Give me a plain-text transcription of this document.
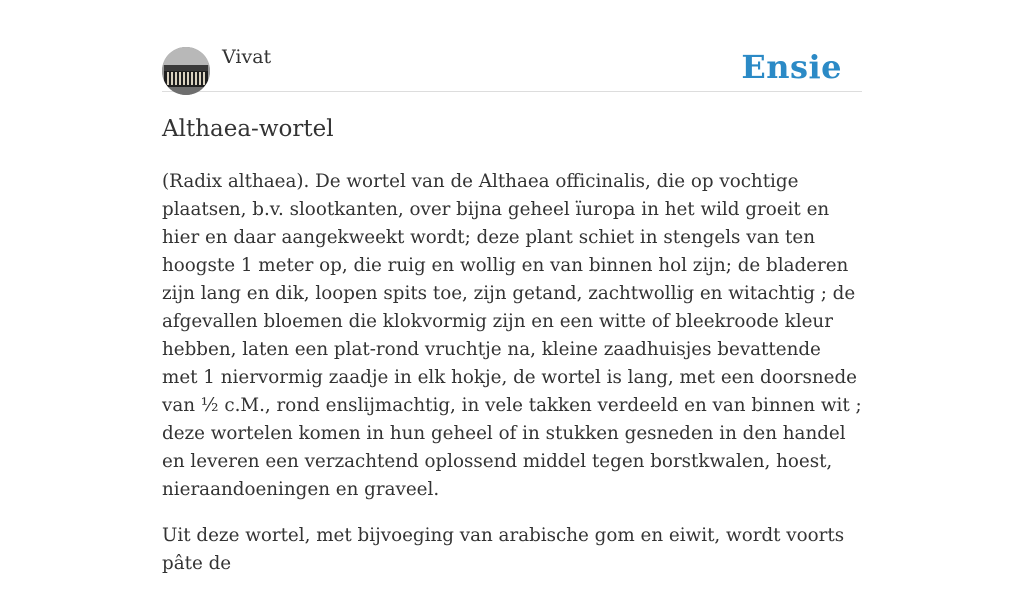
Vivat	Ensie
Althaea-wortel

(Radix althaea). De wortel van de Althaea officinalis, die op vochtige plaatsen, b.v. slootkanten, over bijna geheel ïuropa in het wild groeit en hier en daar aangekweekt wordt; deze plant schiet in stengels van ten hoogste 1 meter op, die ruig en wollig en van binnen hol zijn; de bladeren zijn lang en dik, loopen spits toe, zijn getand, zachtwollig en witachtig ; de afgevallen bloemen die klokvormig zijn en een witte of bleekroode kleur hebben, laten een plat-rond vruchtje na, kleine zaadhuisjes bevattende met 1 niervormig zaadje in elk hokje, de wortel is lang, met een doorsnede van ½ c.M., rond enslijmachtig, in vele takken verdeeld en van binnen wit ; deze wortelen komen in hun geheel of in stukken gesneden in den handel en leveren een verzachtend oplossend middel tegen borstkwalen, hoest, nieraandoeningen en graveel.

Uit deze wortel, met bijvoeging van arabische gom en eiwit, wordt voorts pâte de
